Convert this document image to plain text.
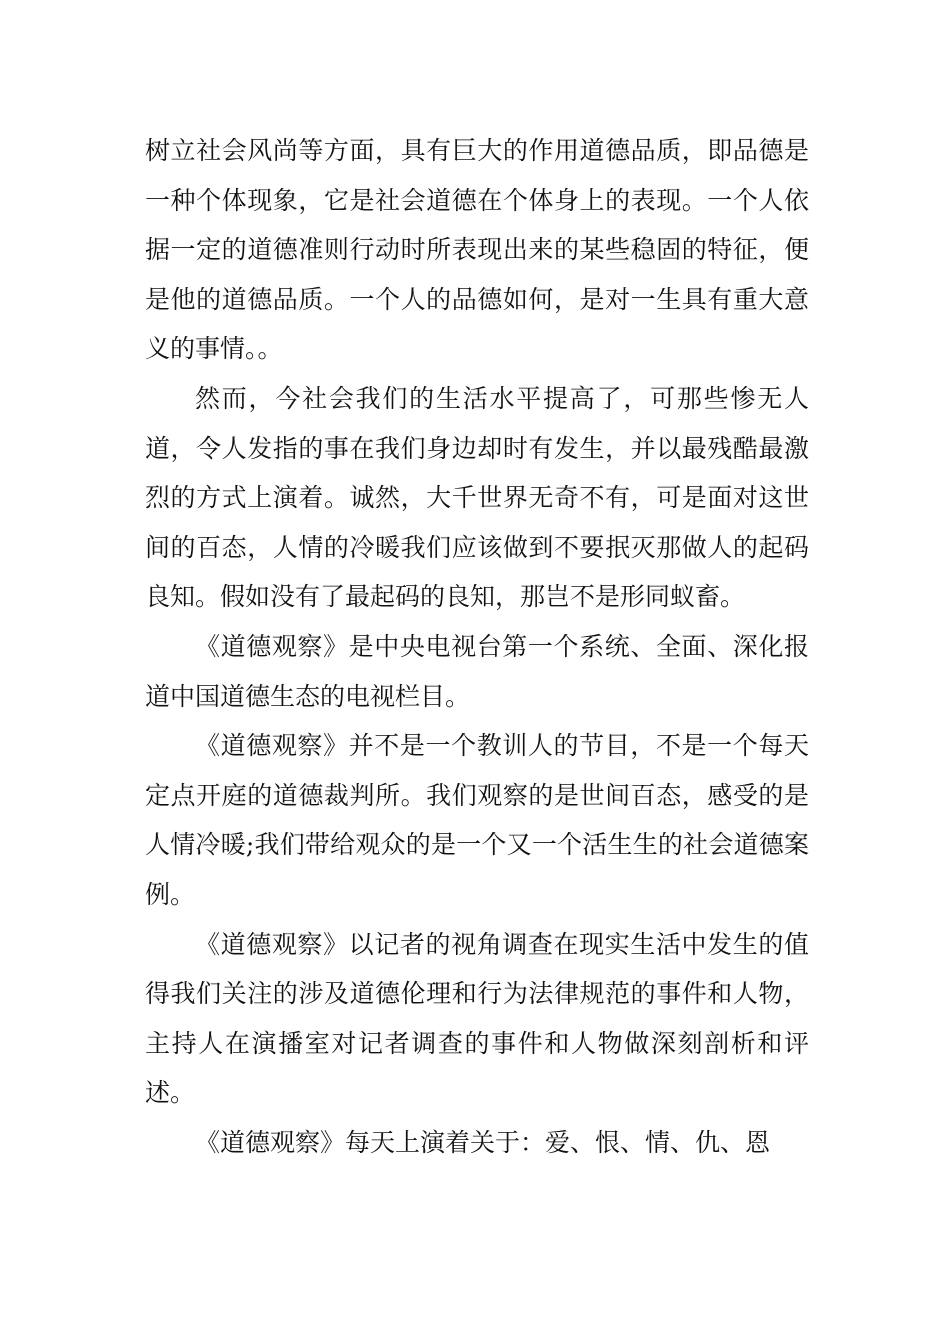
树立社会风尚等方面，具有巨大的作用道德品质，即品德是一种个体现象，它是社会道德在个体身上的表现。一个人依据一定的道德准则行动时所表现出来的某些稳固的特征，便是他的道德品质。一个人的品德如何，是对一生具有重大意义的事情。。

然而，今社会我们的生活水平提高了，可那些惨无人道，令人发指的事在我们身边却时有发生，并以最残酷最激烈的方式上演着。诚然，大千世界无奇不有，可是面对这世间的百态，人情的冷暖我们应该做到不要抿灭那做人的起码良知。假如没有了最起码的良知，那岂不是形同蚁畜。

《道德观察》是中央电视台第一个系统、全面、深化报道中国道德生态的电视栏目。

《道德观察》并不是一个教训人的节目，不是一个每天定点开庭的道德裁判所。我们观察的是世间百态，感受的是人情冷暖;我们带给观众的是一个又一个活生生的社会道德案例。

《道德观察》以记者的视角调查在现实生活中发生的值得我们关注的涉及道德伦理和行为法律规范的事件和人物，主持人在演播室对记者调查的事件和人物做深刻剖析和评述。

《道德观察》每天上演着关于：爱、恨、情、仇、恩
